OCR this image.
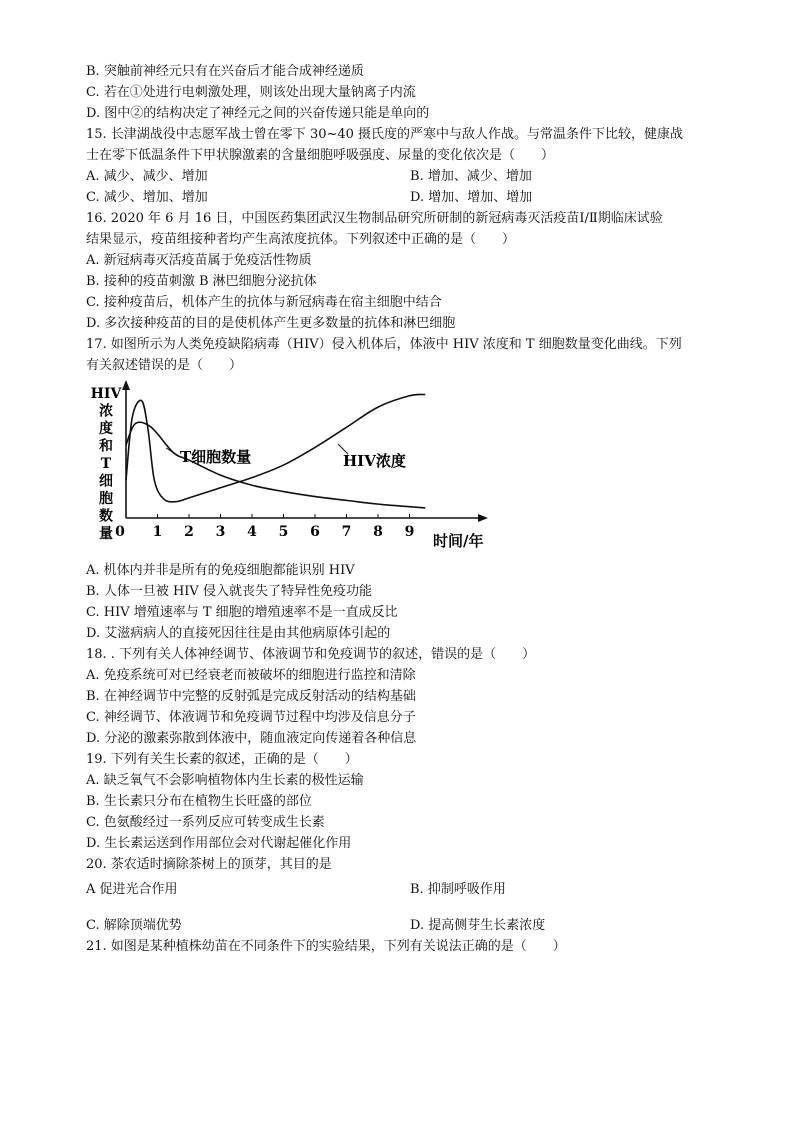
B. 突触前神经元只有在兴奋后才能合成神经递质
C. 若在①处进行电刺激处理，则该处出现大量钠离子内流
D. 图中②的结构决定了神经元之间的兴奋传递只能是单向的
15. 长津湖战役中志愿军战士曾在零下 30~40 摄氏度的严寒中与敌人作战。与常温条件下比较，健康战
士在零下低温条件下甲状腺激素的含量细胞呼吸强度、尿量的变化依次是（　　）
A. 减少、减少、增加	B. 增加、减少、增加
C. 减少、增加、增加	D. 增加、增加、增加
16. 2020 年 6 月 16 日，中国医药集团武汉生物制品研究所研制的新冠病毒灭活疫苗Ⅰ/Ⅱ期临床试验
结果显示，疫苗组接种者均产生高浓度抗体。下列叙述中正确的是（　　）
A. 新冠病毒灭活疫苗属于免疫活性物质
B. 接种的疫苗刺激 B 淋巴细胞分泌抗体
C. 接种疫苗后，机体产生的抗体与新冠病毒在宿主细胞中结合
D. 多次接种疫苗的目的是使机体产生更多数量的抗体和淋巴细胞
17. 如图所示为人类免疫缺陷病毒（HIV）侵入机体后，体液中 HIV 浓度和 T 细胞数量变化曲线。下列
有关叙述错误的是（　　）
HIV
浓
度
和
T
细
胞
数
量 0 1 2 3 4 5 6 7 8 9
T细胞数量	HIV浓度
时间/年
A. 机体内并非是所有的免疫细胞都能识别 HIV
B. 人体一旦被 HIV 侵入就丧失了特异性免疫功能
C. HIV 增殖速率与 T 细胞的增殖速率不是一直成反比
D. 艾滋病病人的直接死因往往是由其他病原体引起的
18. . 下列有关人体神经调节、体液调节和免疫调节的叙述，错误的是（　　）
A. 免疫系统可对已经衰老而被破坏的细胞进行监控和清除
B. 在神经调节中完整的反射弧是完成反射活动的结构基础
C. 神经调节、体液调节和免疫调节过程中均涉及信息分子
D. 分泌的激素弥散到体液中，随血液定向传递着各种信息
19. 下列有关生长素的叙述，正确的是（　　）
A. 缺乏氧气不会影响植物体内生长素的极性运输
B. 生长素只分布在植物生长旺盛的部位
C. 色氨酸经过一系列反应可转变成生长素
D. 生长素运送到作用部位会对代谢起催化作用
20. 茶农适时摘除茶树上的顶芽，其目的是
A 促进光合作用	B. 抑制呼吸作用
C. 解除顶端优势	D. 提高侧芽生长素浓度
21. 如图是某种植株幼苗在不同条件下的实验结果，下列有关说法正确的是（　　）
